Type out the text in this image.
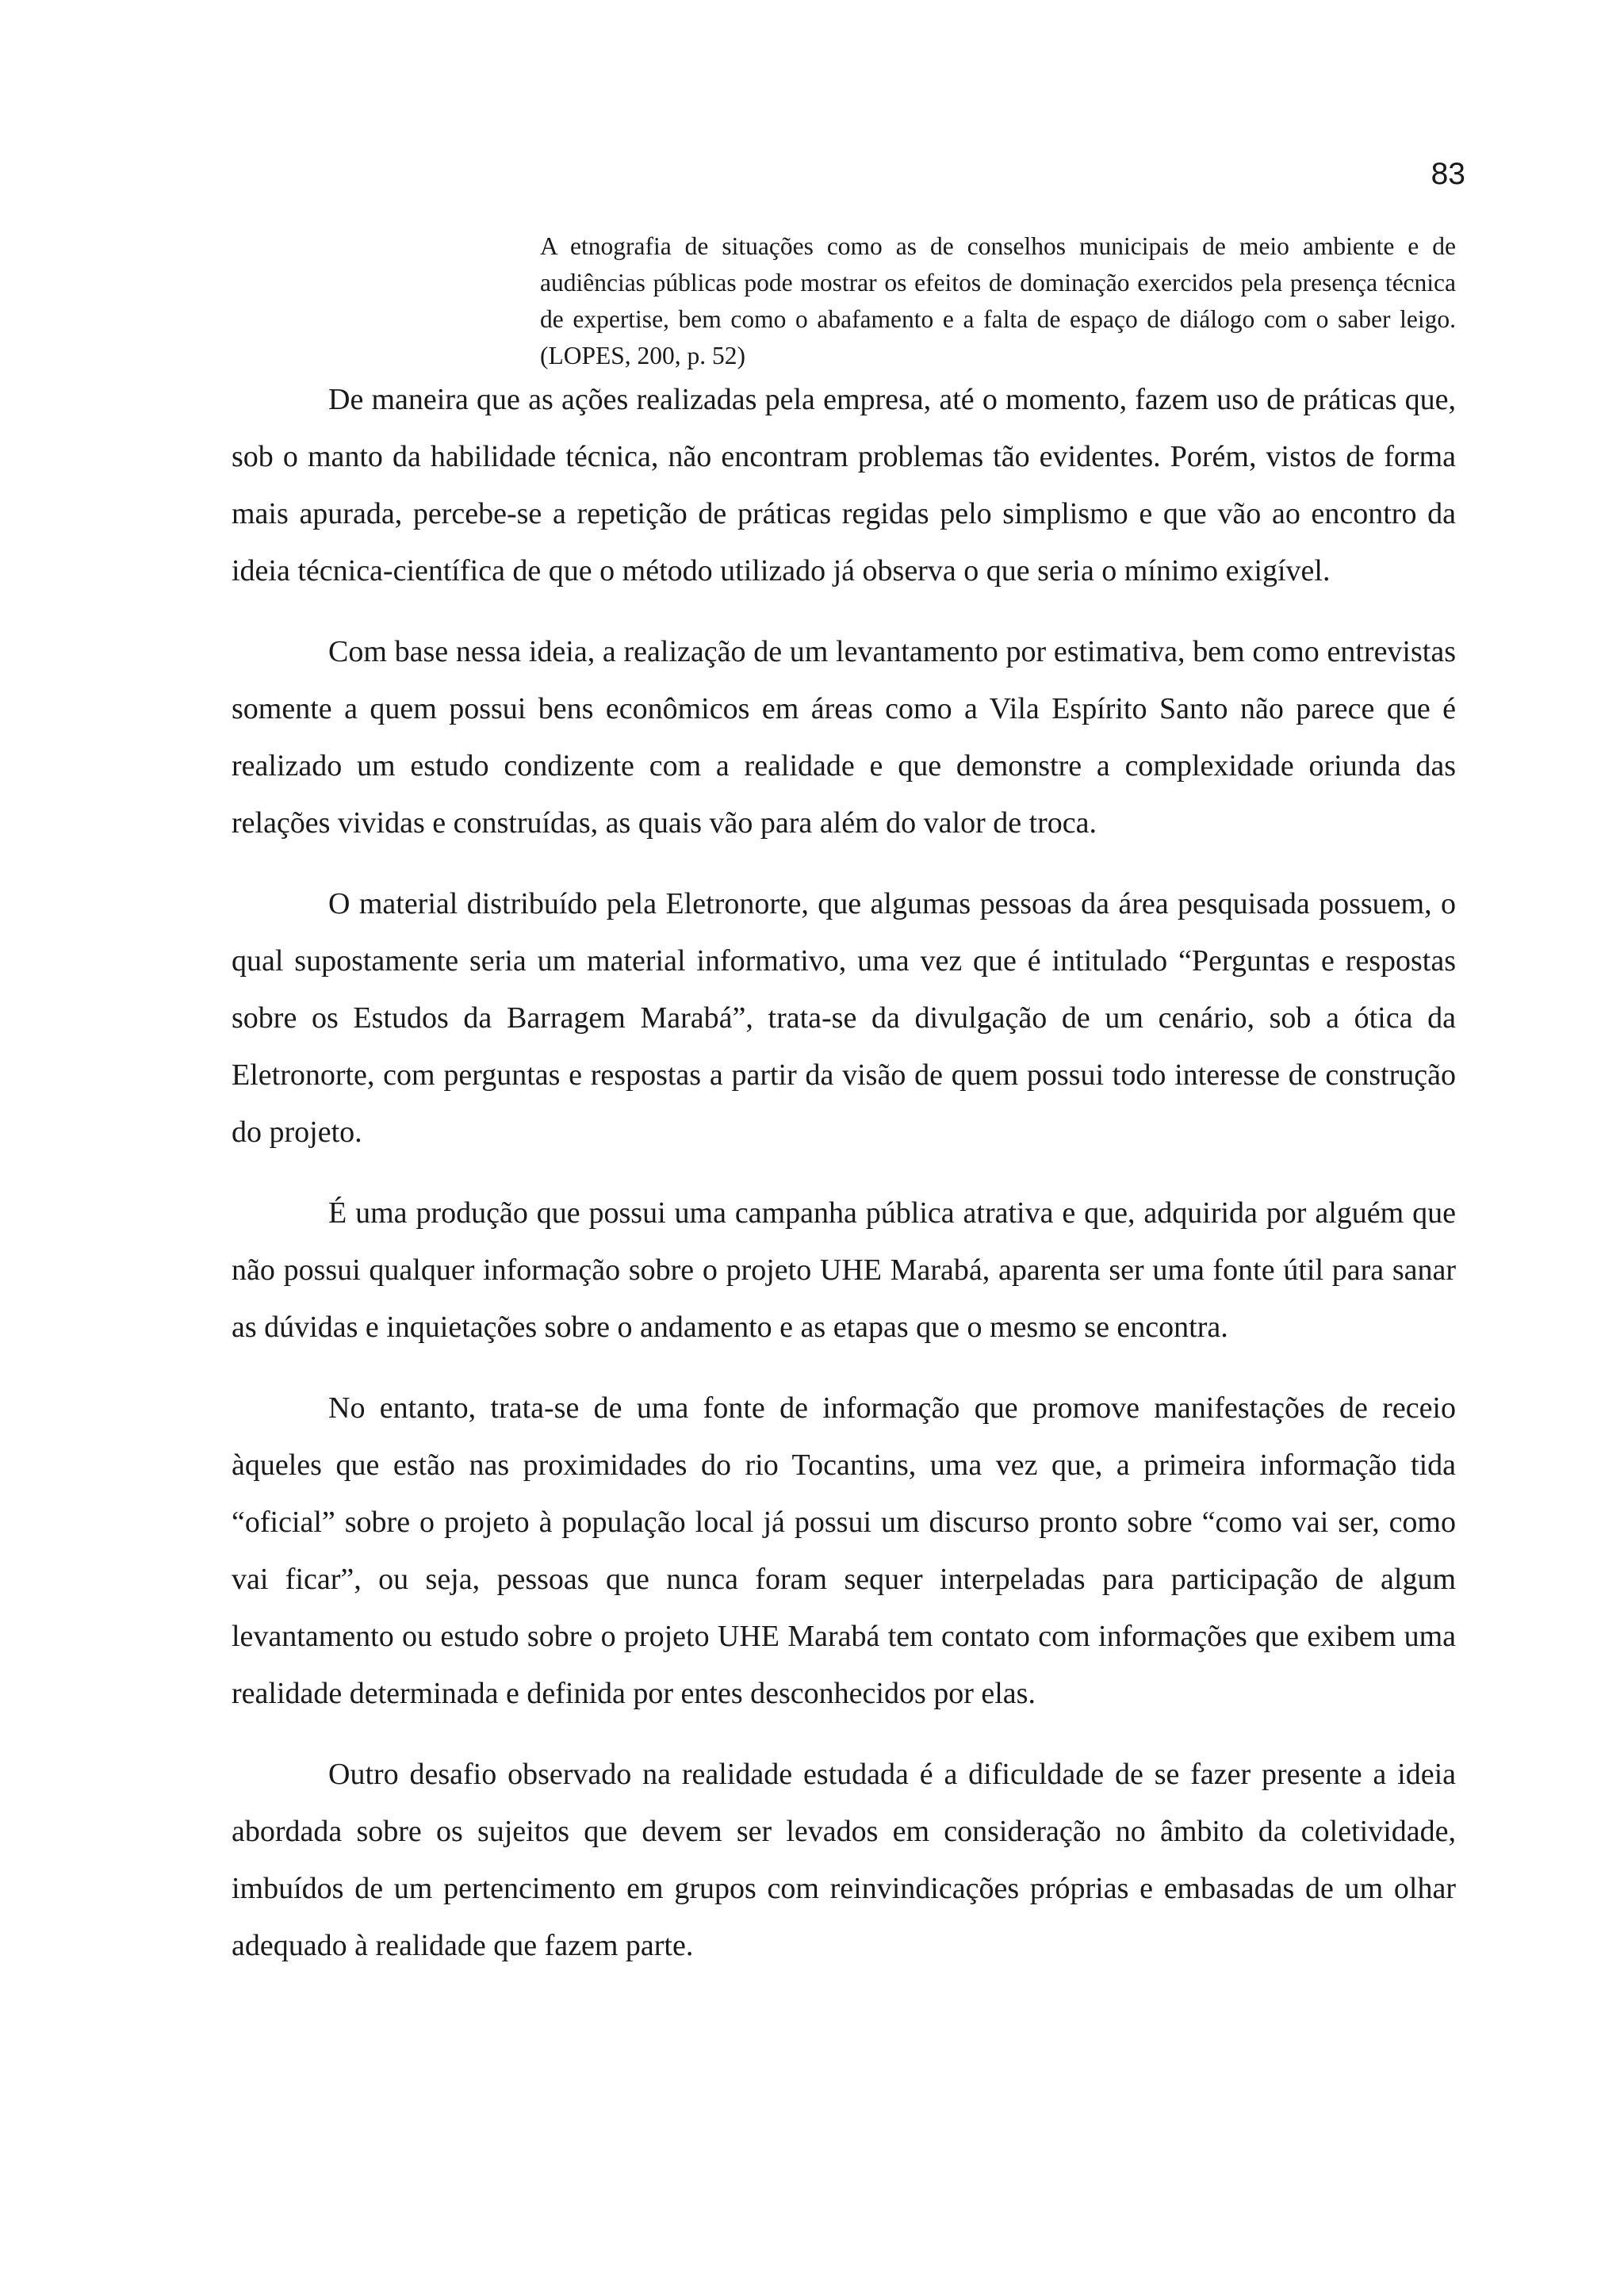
83

A etnografia de situações como as de conselhos municipais de meio ambiente e de audiências públicas pode mostrar os efeitos de dominação exercidos pela presença técnica de expertise, bem como o abafamento e a falta de espaço de diálogo com o saber leigo. (LOPES, 200, p. 52)

De maneira que as ações realizadas pela empresa, até o momento, fazem uso de práticas que, sob o manto da habilidade técnica, não encontram problemas tão evidentes. Porém, vistos de forma mais apurada, percebe-se a repetição de práticas regidas pelo simplismo e que vão ao encontro da ideia técnica-científica de que o método utilizado já observa o que seria o mínimo exigível.

Com base nessa ideia, a realização de um levantamento por estimativa, bem como entrevistas somente a quem possui bens econômicos em áreas como a Vila Espírito Santo não parece que é realizado um estudo condizente com a realidade e que demonstre a complexidade oriunda das relações vividas e construídas, as quais vão para além do valor de troca.

O material distribuído pela Eletronorte, que algumas pessoas da área pesquisada possuem, o qual supostamente seria um material informativo, uma vez que é intitulado “Perguntas e respostas sobre os Estudos da Barragem Marabá”, trata-se da divulgação de um cenário, sob a ótica da Eletronorte, com perguntas e respostas a partir da visão de quem possui todo interesse de construção do projeto.

É uma produção que possui uma campanha pública atrativa e que, adquirida por alguém que não possui qualquer informação sobre o projeto UHE Marabá, aparenta ser uma fonte útil para sanar as dúvidas e inquietações sobre o andamento e as etapas que o mesmo se encontra.

No entanto, trata-se de uma fonte de informação que promove manifestações de receio àqueles que estão nas proximidades do rio Tocantins, uma vez que, a primeira informação tida “oficial” sobre o projeto à população local já possui um discurso pronto sobre “como vai ser, como vai ficar”, ou seja, pessoas que nunca foram sequer interpeladas para participação de algum levantamento ou estudo sobre o projeto UHE Marabá tem contato com informações que exibem uma realidade determinada e definida por entes desconhecidos por elas.

Outro desafio observado na realidade estudada é a dificuldade de se fazer presente a ideia abordada sobre os sujeitos que devem ser levados em consideração no âmbito da coletividade, imbuídos de um pertencimento em grupos com reinvindicações próprias e embasadas de um olhar adequado à realidade que fazem parte.
